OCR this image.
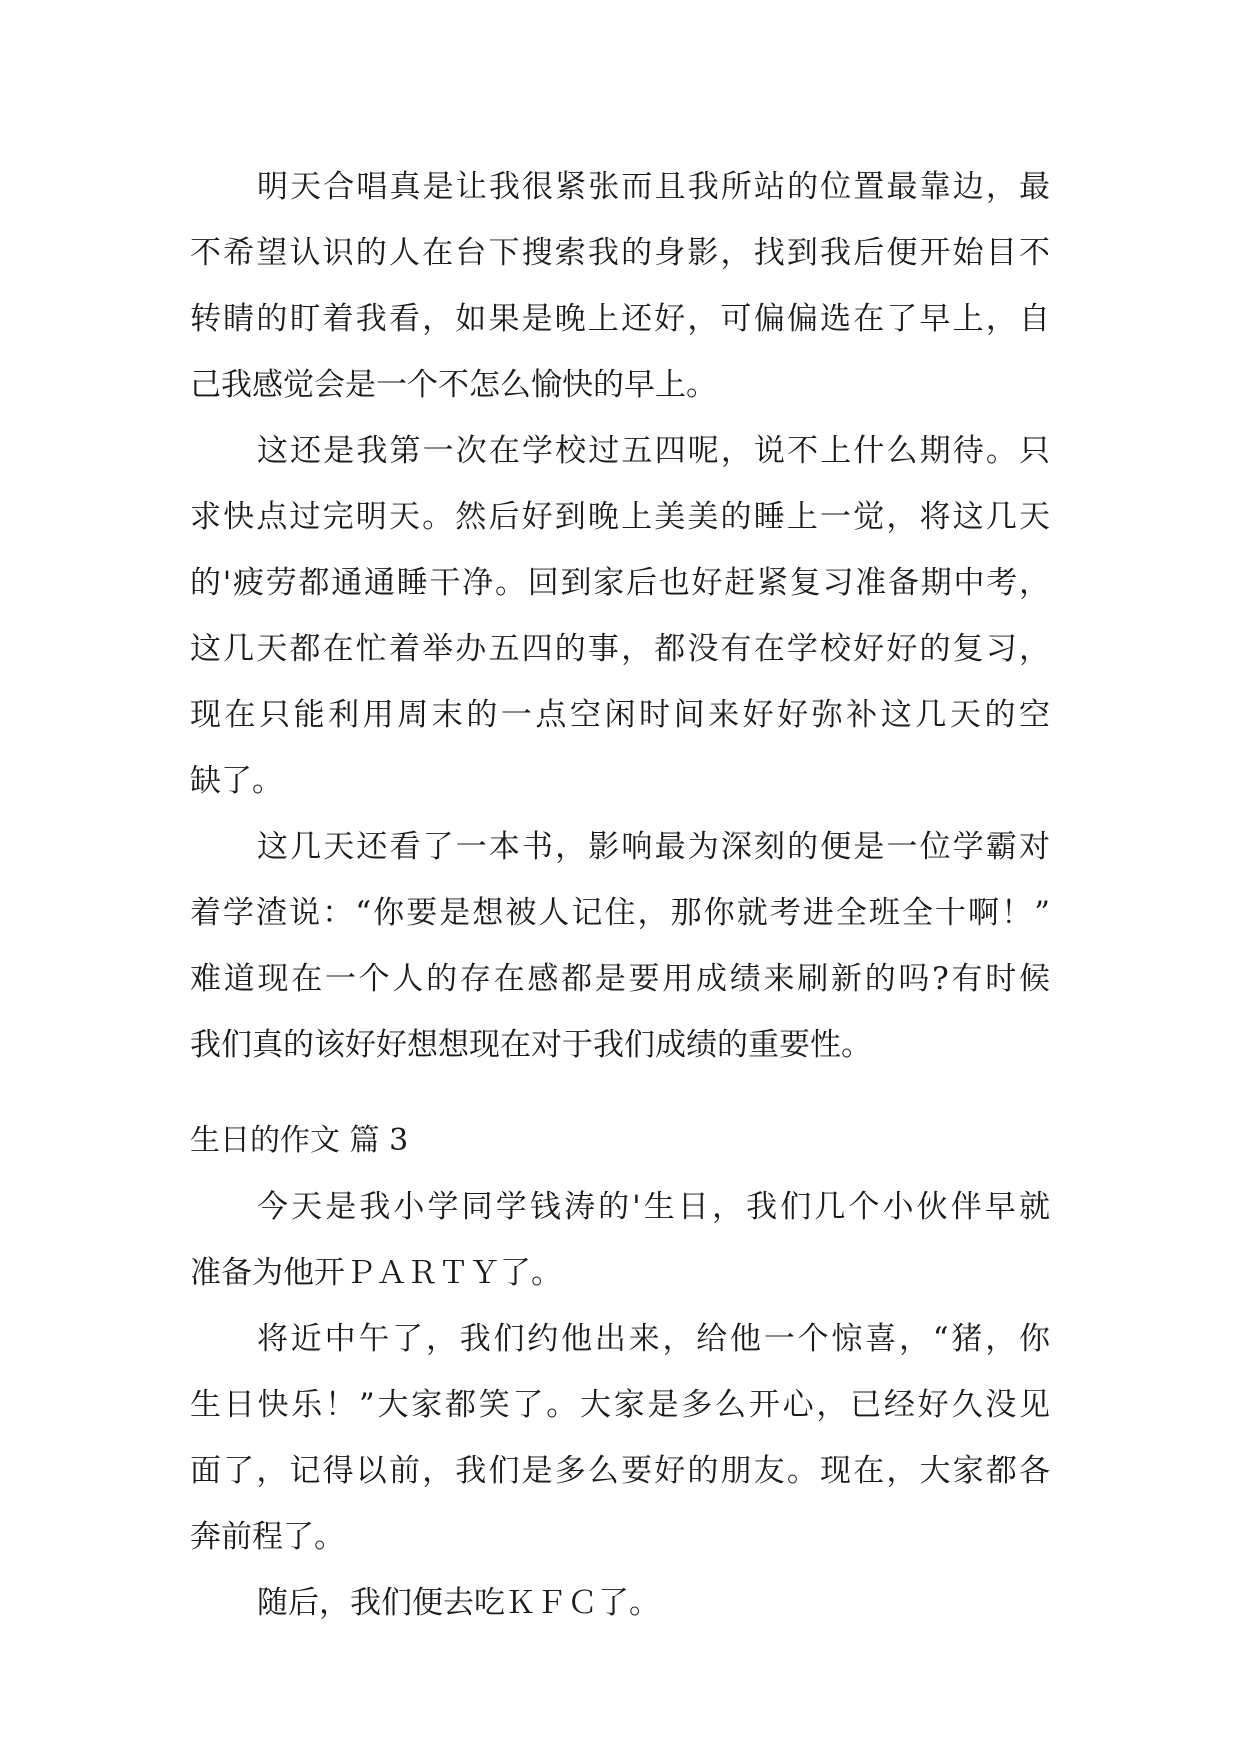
明天合唱真是让我很紧张而且我所站的位置最靠边，最
不希望认识的人在台下搜索我的身影，找到我后便开始目不
转睛的盯着我看，如果是晚上还好，可偏偏选在了早上，自
己我感觉会是一个不怎么愉快的早上。
这还是我第一次在学校过五四呢，说不上什么期待。只
求快点过完明天。然后好到晚上美美的睡上一觉，将这几天
的'疲劳都通通睡干净。回到家后也好赶紧复习准备期中考，
这几天都在忙着举办五四的事，都没有在学校好好的复习，
现在只能利用周末的一点空闲时间来好好弥补这几天的空
缺了。
这几天还看了一本书，影响最为深刻的便是一位学霸对
着学渣说：“你要是想被人记住，那你就考进全班全十啊！”
难道现在一个人的存在感都是要用成绩来刷新的吗?有时候
我们真的该好好想想现在对于我们成绩的重要性。
生日的作文 篇 3
今天是我小学同学钱涛的'生日，我们几个小伙伴早就
准备为他开ＰＡＲＴＹ了。
将近中午了，我们约他出来，给他一个惊喜，“猪，你
生日快乐！”大家都笑了。大家是多么开心，已经好久没见
面了，记得以前，我们是多么要好的朋友。现在，大家都各
奔前程了。
随后，我们便去吃ＫＦＣ了。
